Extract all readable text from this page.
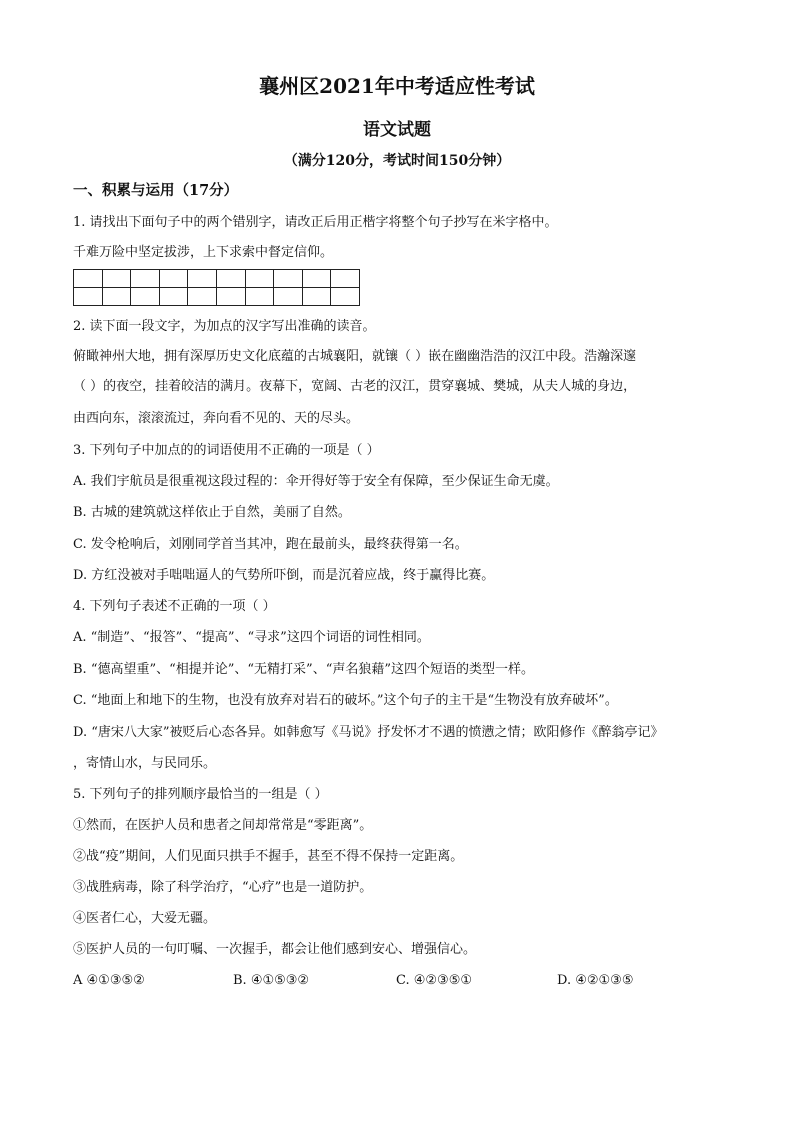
襄州区2021年中考适应性考试
语文试题
（满分120分，考试时间150分钟）
一、积累与运用（17分）
1. 请找出下面句子中的两个错别字，请改正后用正楷字将整个句子抄写在米字格中。
千难万险中坚定拔涉，上下求索中督定信仰。

2. 读下面一段文字，为加点的汉字写出准确的读音。
俯瞰神州大地，拥有深厚历史文化底蕴的古城襄阳，就镶（ ）嵌在幽幽浩浩的汉江中段。浩瀚深邃
（ ）的夜空，挂着皎洁的满月。夜幕下，宽阔、古老的汉江，贯穿襄城、樊城，从夫人城的身边，
由西向东，滚滚流过，奔向看不见的、天的尽头。
3. 下列句子中加点的的词语使用不正确的一项是（ ）
A. 我们宇航员是很重视这段过程的：伞开得好等于安全有保障，至少保证生命无虞。
B. 古城的建筑就这样依止于自然，美丽了自然。
C. 发令枪响后，刘刚同学首当其冲，跑在最前头，最终获得第一名。
D. 方红没被对手咄咄逼人的气势所吓倒，而是沉着应战，终于赢得比赛。
4. 下列句子表述不正确的一项（ ）
A. “制造”、“报答”、“提高”、“寻求”这四个词语的词性相同。
B. “德高望重”、“相提并论”、“无精打采”、“声名狼藉”这四个短语的类型一样。
C. “地面上和地下的生物，也没有放弃对岩石的破坏。”这个句子的主干是“生物没有放弃破坏”。
D. “唐宋八大家”被贬后心态各异。如韩愈写《马说》抒发怀才不遇的愤懑之情；欧阳修作《醉翁亭记》
，寄情山水，与民同乐。
5. 下列句子的排列顺序最恰当的一组是（ ）
①然而，在医护人员和患者之间却常常是“零距离”。
②战“疫”期间，人们见面只拱手不握手，甚至不得不保持一定距离。
③战胜病毒，除了科学治疗，“心疗”也是一道防护。
④医者仁心，大爱无疆。
⑤医护人员的一句叮嘱、一次握手，都会让他们感到安心、增强信心。
A ④①③⑤②	B. ④①⑤③②	C. ④②③⑤①	D. ④②①③⑤
